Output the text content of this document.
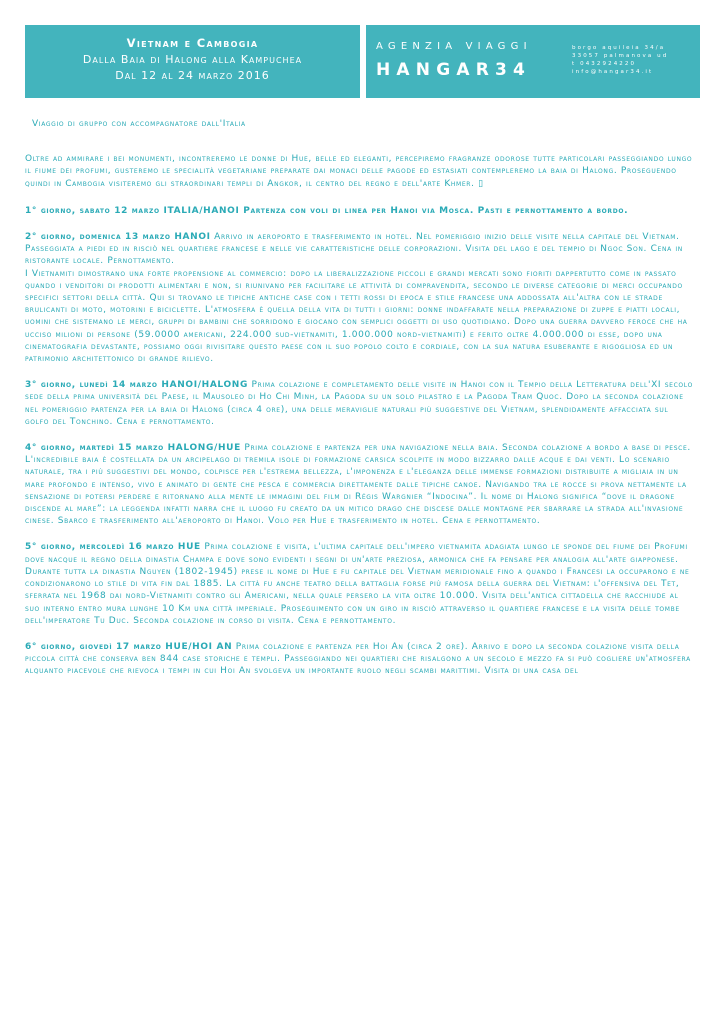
Vietnam e Cambogia
Dalla Baia di Halong alla Kampuchea
Dal 12 al 24 marzo 2016
AGENZIA VIAGGI
HANGAR34
borgo aquileia 34/a
33057 palmanova ud
t 0432924220
info@hangar34.it
Viaggio di gruppo con accompagnatore dall'Italia
Oltre ad ammirare i bei monumenti, incontreremo le donne di Hue, belle ed eleganti, percepiremo fragranze odorose tutte particolari passeggiando lungo il fiume dei profumi, gusteremo le specialità vegetariane preparate dai monaci delle pagode ed estasiati contempleremo la baia di Halong. Proseguendo quindi in Cambogia visiteremo gli straordinari templi di Angkor, il centro del regno e dell'arte Khmer. ▯

1° giorno, sabato 12 marzo ITALIA/HANOI Partenza con voli di linea per Hanoi via Mosca. Pasti e pernottamento a bordo.

2° giorno, domenica 13 marzo HANOI Arrivo in aeroporto e trasferimento in hotel. Nel pomeriggio inizio delle visite nella capitale del Vietnam. Passeggiata a piedi ed in risciò nel quartiere francese e nelle vie caratteristiche delle corporazioni. Visita del lago e del tempio di Ngoc Son. Cena in ristorante locale. Pernottamento.

I Vietnamiti dimostrano una forte propensione al commercio: dopo la liberalizzazione piccoli e grandi mercati sono fioriti dappertutto come in passato quando i venditori di prodotti alimentari e non, si riunivano per facilitare le attività di compravendita, secondo le diverse categorie di merci occupando specifici settori della città. Qui si trovano le tipiche antiche case con i tetti rossi di epoca e stile francese una addossata all'altra con le strade brulicanti di moto, motorini e biciclette. L'atmosfera è quella della vita di tutti i giorni: donne indaffarate nella preparazione di zuppe e piatti locali, uomini che sistemano le merci, gruppi di bambini che sorridono e giocano con semplici oggetti di uso quotidiano. Dopo una guerra davvero feroce che ha ucciso milioni di persone (59.0000 americani, 224.000 sud-vietnamiti, 1.000.000 nord-vietnamiti) e ferito oltre 4.000.000 di esse, dopo una cinematografia devastante, possiamo oggi rivisitare questo paese con il suo popolo colto e cordiale, con la sua natura esuberante e rigogliosa ed un patrimonio architettonico di grande rilievo.

3° giorno, lunedì 14 marzo HANOI/HALONG Prima colazione e completamento delle visite in Hanoi con il Tempio della Letteratura dell'XI secolo sede della prima università del Paese, il Mausoleo di Ho Chi Minh, la Pagoda su un solo pilastro e la Pagoda Tram Quoc. Dopo la seconda colazione nel pomeriggio partenza per la baia di Halong (circa 4 ore), una delle meraviglie naturali più suggestive del Vietnam, splendidamente affacciata sul golfo del Tonchino. Cena e pernottamento.

4° giorno, martedì 15 marzo HALONG/HUE Prima colazione e partenza per una navigazione nella baia. Seconda colazione a bordo a base di pesce. L'incredibile baia è costellata da un arcipelago di tremila isole di formazione carsica scolpite in modo bizzarro dalle acque e dai venti. Lo scenario naturale, tra i più suggestivi del mondo, colpisce per l'estrema bellezza, l'imponenza e l'eleganza delle immense formazioni distribuite a migliaia in un mare profondo e intenso, vivo e animato di gente che pesca e commercia direttamente dalle tipiche canoe. Navigando tra le rocce si prova nettamente la sensazione di potersi perdere e ritornano alla mente le immagini del film di Régis Wargnier “Indocina”. Il nome di Halong significa “dove il dragone discende al mare”: la leggenda infatti narra che il luogo fu creato da un mitico drago che discese dalle montagne per sbarrare la strada all'invasione cinese. Sbarco e trasferimento all'aeroporto di Hanoi. Volo per Hue e trasferimento in hotel. Cena e pernottamento.

5° giorno, mercoledì 16 marzo HUE Prima colazione e visita, l'ultima capitale dell'impero vietnamita adagiata lungo le sponde del fiume dei Profumi dove nacque il regno della dinastia Champa e dove sono evidenti i segni di un'arte preziosa, armonica che fa pensare per analogia all'arte giapponese. Durante tutta la dinastia Nguyen (1802-1945) prese il nome di Hue e fu capitale del Vietnam meridionale fino a quando i Francesi la occuparono e ne condizionarono lo stile di vita fin dal 1885. La città fu anche teatro della battaglia forse più famosa della guerra del Vietnam: l'offensiva del Tet, sferrata nel 1968 dai nord-Vietnamiti contro gli Americani, nella quale persero la vita oltre 10.000. Visita dell'antica cittadella che racchiude al suo interno entro mura lunghe 10 Km una città imperiale. Proseguimento con un giro in risciò attraverso il quartiere francese e la visita delle tombe dell'imperatore Tu Duc. Seconda colazione in corso di visita. Cena e pernottamento.

6° giorno, giovedì 17 marzo HUE/HOI AN Prima colazione e partenza per Hoi An (circa 2 ore). Arrivo e dopo la seconda colazione visita della piccola città che conserva ben 844 case storiche e templi. Passeggiando nei quartieri che risalgono a un secolo e mezzo fa si può cogliere un'atmosfera alquanto piacevole che rievoca i tempi in cui Hoi An svolgeva un importante ruolo negli scambi marittimi. Visita di una casa del
